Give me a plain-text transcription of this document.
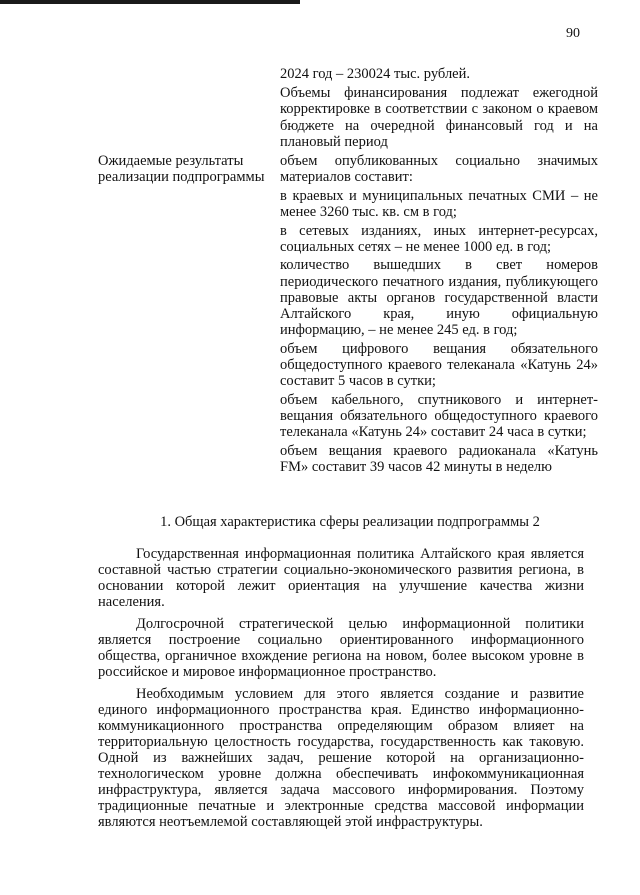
90

2024 год – 230024 тыс. рублей.

Объемы финансирования подлежат ежегодной корректировке в соответствии с законом о краевом бюджете на очередной финансовый год и на плановый период

Ожидаемые результаты реализации подпрограммы

объем опубликованных социально значимых материалов составит:

в краевых и муниципальных печатных СМИ – не менее 3260 тыс. кв. см в год;

в сетевых изданиях, иных интернет-ресурсах, социальных сетях – не менее 1000 ед. в год;

количество вышедших в свет номеров периодического печатного издания, публикующего правовые акты органов государственной власти Алтайского края, иную официальную информацию, – не менее 245 ед. в год;

объем цифрового вещания обязательного общедоступного краевого телеканала «Катунь 24» составит 5 часов в сутки;

объем кабельного, спутникового и интернет-вещания обязательного общедоступного краевого телеканала «Катунь 24» составит 24 часа в сутки;

объем вещания краевого радиоканала «Катунь FM» составит 39 часов 42 минуты в неделю

1. Общая характеристика сферы реализации подпрограммы 2

Государственная информационная политика Алтайского края является составной частью стратегии социально-экономического развития региона, в основании которой лежит ориентация на улучшение качества жизни населения.

Долгосрочной стратегической целью информационной политики является построение социально ориентированного информационного общества, органичное вхождение региона на новом, более высоком уровне в российское и мировое информационное пространство.

Необходимым условием для этого является создание и развитие единого информационного пространства края. Единство информационно-коммуникационного пространства определяющим образом влияет на территориальную целостность государства, государственность как таковую. Одной из важнейших задач, решение которой на организационно-технологическом уровне должна обеспечивать инфокоммуникационная инфраструктура, является задача массового информирования. Поэтому традиционные печатные и электронные средства массовой информации являются неотъемлемой составляющей этой инфраструктуры.
